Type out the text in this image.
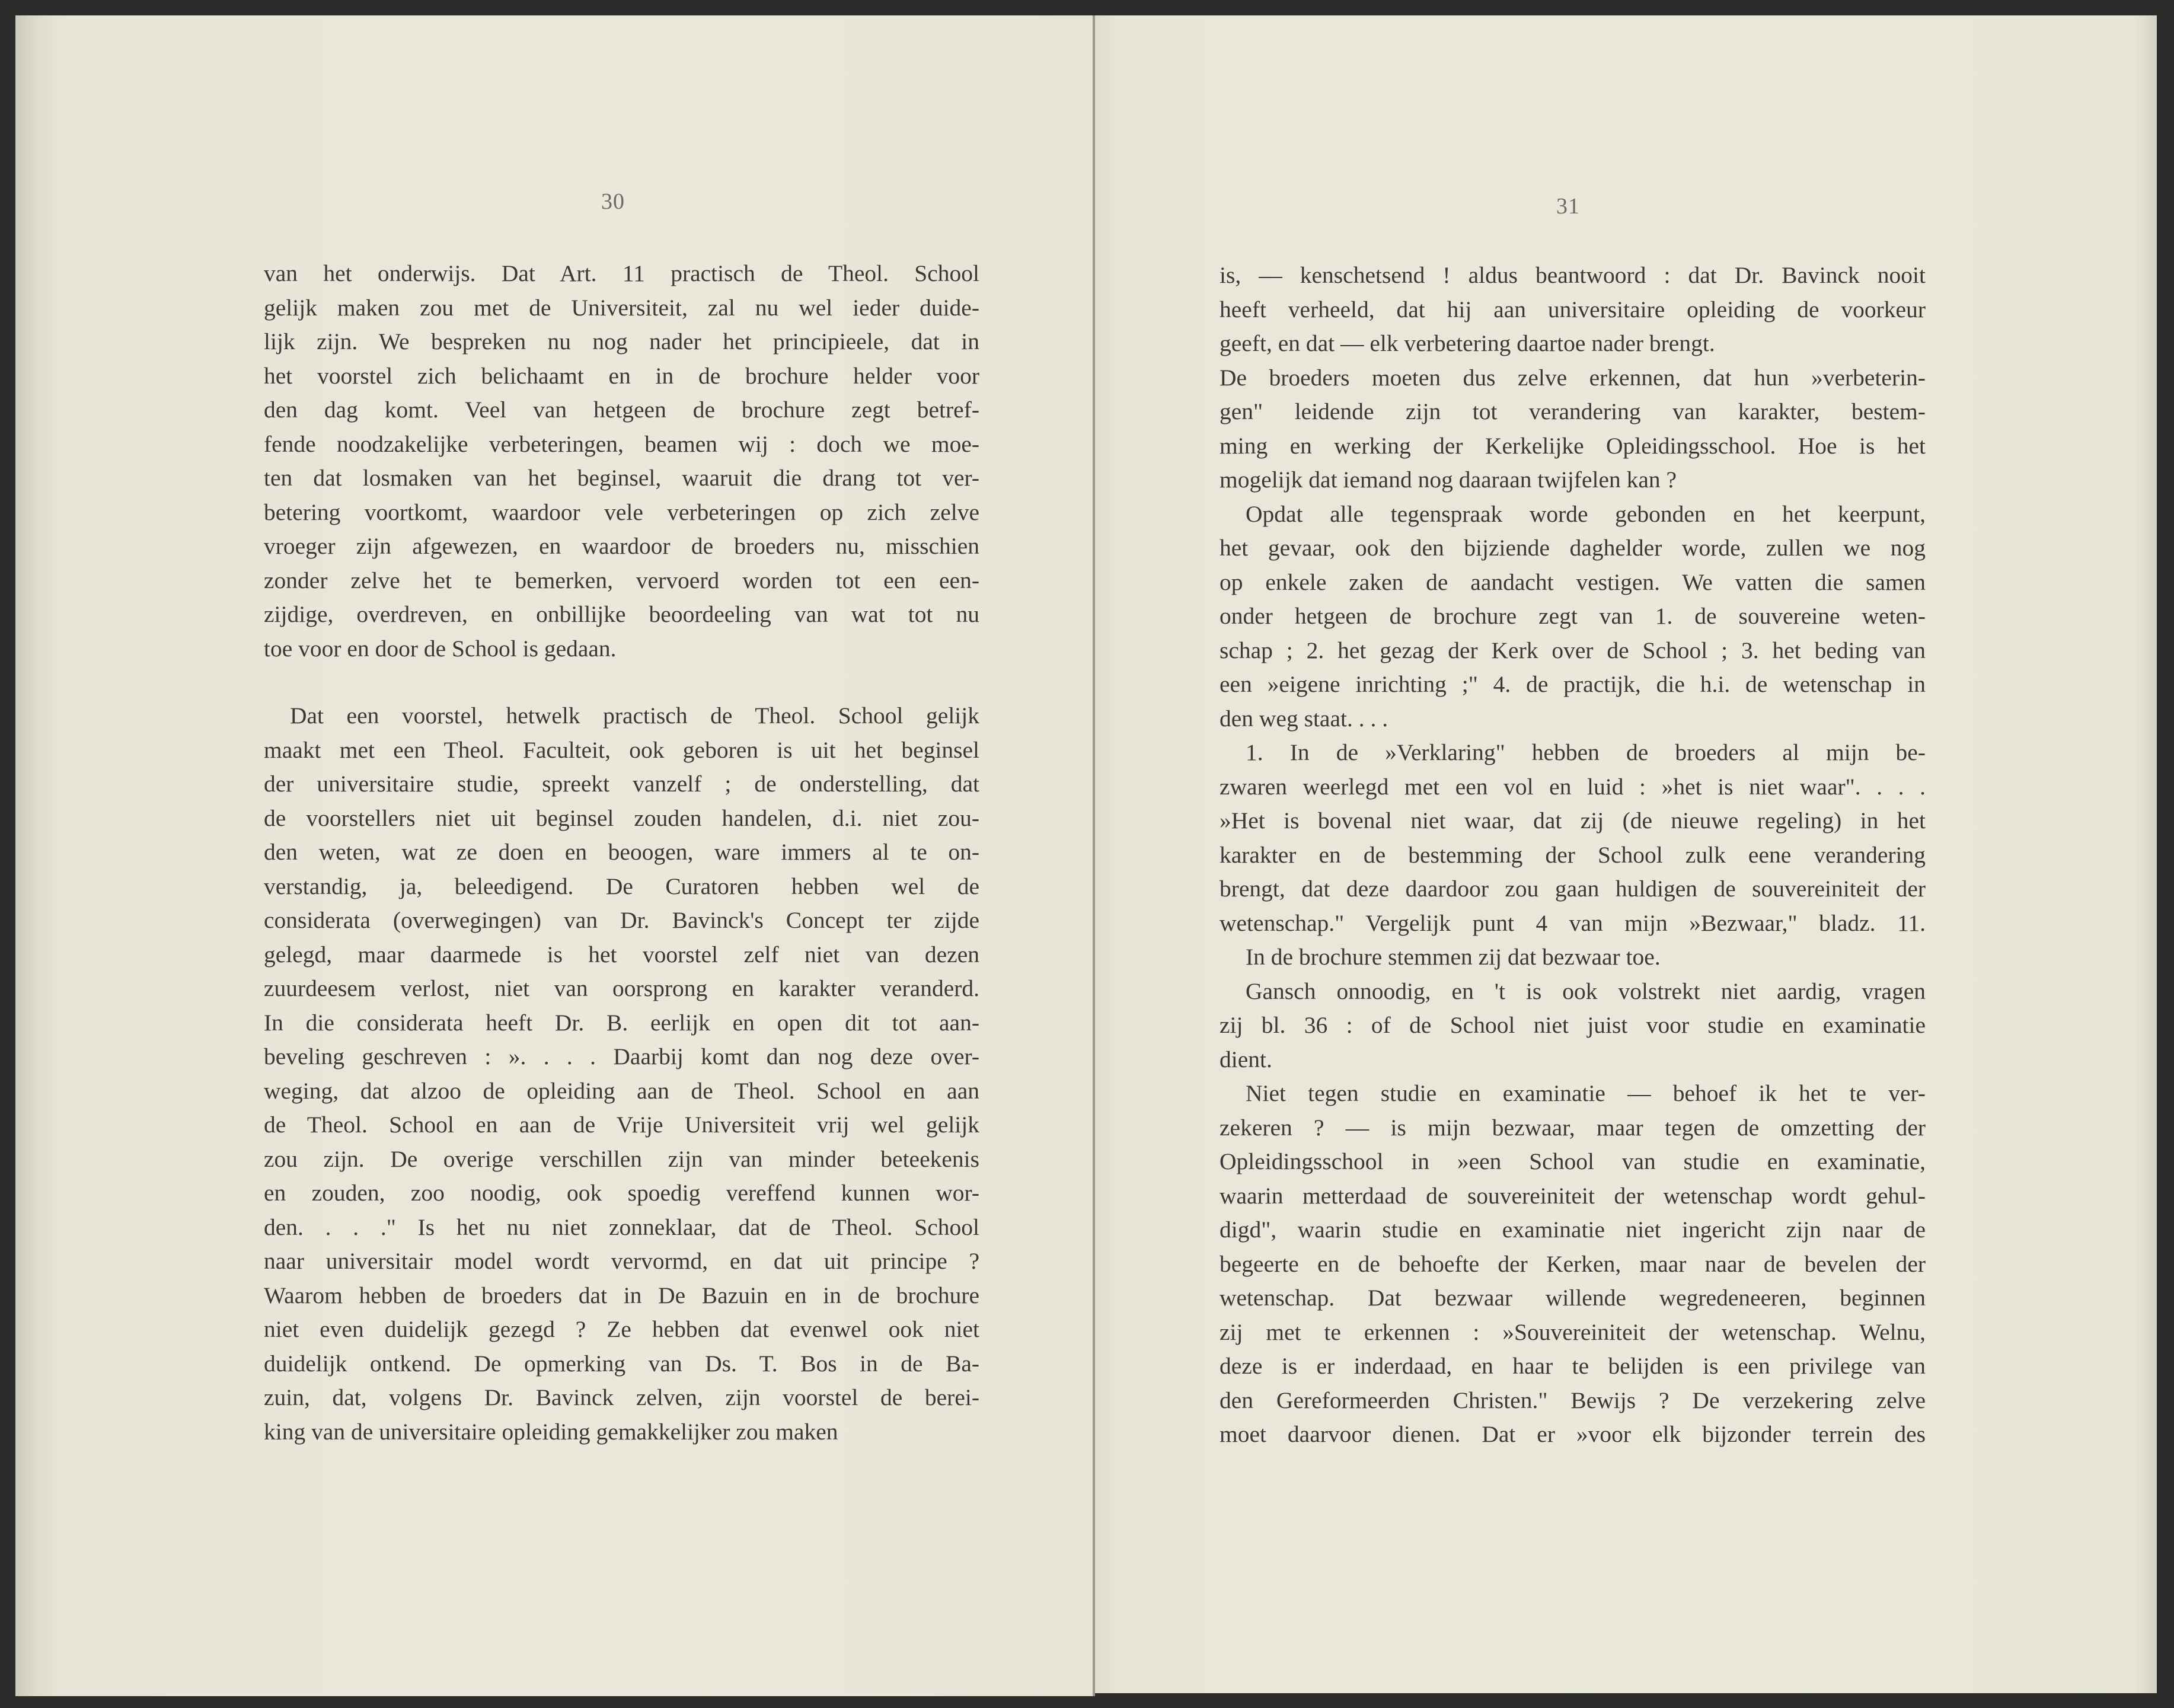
30
van het onderwijs. Dat Art. 11 practisch de Theol. School
gelijk maken zou met de Universiteit, zal nu wel ieder duide-
lijk zijn. We bespreken nu nog nader het principieele, dat in
het voorstel zich belichaamt en in de brochure helder voor
den dag komt. Veel van hetgeen de brochure zegt betref-
fende noodzakelijke verbeteringen, beamen wij : doch we moe-
ten dat losmaken van het beginsel, waaruit die drang tot ver-
betering voortkomt, waardoor vele verbeteringen op zich zelve
vroeger zijn afgewezen, en waardoor de broeders nu, misschien
zonder zelve het te bemerken, vervoerd worden tot een een-
zijdige, overdreven, en onbillijke beoordeeling van wat tot nu
toe voor en door de School is gedaan.
Dat een voorstel, hetwelk practisch de Theol. School gelijk
maakt met een Theol. Faculteit, ook geboren is uit het beginsel
der universitaire studie, spreekt vanzelf ; de onderstelling, dat
de voorstellers niet uit beginsel zouden handelen, d.i. niet zou-
den weten, wat ze doen en beoogen, ware immers al te on-
verstandig, ja, beleedigend. De Curatoren hebben wel de
considerata (overwegingen) van Dr. Bavinck's Concept ter zijde
gelegd, maar daarmede is het voorstel zelf niet van dezen
zuurdeesem verlost, niet van oorsprong en karakter veranderd.
In die considerata heeft Dr. B. eerlijk en open dit tot aan-
beveling geschreven : ». . . . Daarbij komt dan nog deze over-
weging, dat alzoo de opleiding aan de Theol. School en aan
de Theol. School en aan de Vrije Universiteit vrij wel gelijk
zou zijn. De overige verschillen zijn van minder beteekenis
en zouden, zoo noodig, ook spoedig vereffend kunnen wor-
den. . . ." Is het nu niet zonneklaar, dat de Theol. School
naar universitair model wordt vervormd, en dat uit principe ?
Waarom hebben de broeders dat in De Bazuin en in de brochure
niet even duidelijk gezegd ? Ze hebben dat evenwel ook niet
duidelijk ontkend. De opmerking van Ds. T. Bos in de Ba-
zuin, dat, volgens Dr. Bavinck zelven, zijn voorstel de berei-
king van de universitaire opleiding gemakkelijker zou maken
31
is, — kenschetsend ! aldus beantwoord : dat Dr. Bavinck nooit
heeft verheeld, dat hij aan universitaire opleiding de voorkeur
geeft, en dat — elk verbetering daartoe nader brengt.
De broeders moeten dus zelve erkennen, dat hun »verbeterin-
gen" leidende zijn tot verandering van karakter, bestem-
ming en werking der Kerkelijke Opleidingsschool. Hoe is het
mogelijk dat iemand nog daaraan twijfelen kan ?
Opdat alle tegenspraak worde gebonden en het keerpunt,
het gevaar, ook den bijziende daghelder worde, zullen we nog
op enkele zaken de aandacht vestigen. We vatten die samen
onder hetgeen de brochure zegt van 1. de souvereine weten-
schap ; 2. het gezag der Kerk over de School ; 3. het beding van
een »eigene inrichting ;" 4. de practijk, die h.i. de wetenschap in
den weg staat. . . .
1. In de »Verklaring" hebben de broeders al mijn be-
zwaren weerlegd met een vol en luid : »het is niet waar". . . .
»Het is bovenal niet waar, dat zij (de nieuwe regeling) in het
karakter en de bestemming der School zulk eene verandering
brengt, dat deze daardoor zou gaan huldigen de souvereiniteit der
wetenschap." Vergelijk punt 4 van mijn »Bezwaar," bladz. 11.
In de brochure stemmen zij dat bezwaar toe.
Gansch onnoodig, en 't is ook volstrekt niet aardig, vragen
zij bl. 36 : of de School niet juist voor studie en examinatie
dient.
Niet tegen studie en examinatie — behoef ik het te ver-
zekeren ? — is mijn bezwaar, maar tegen de omzetting der
Opleidingsschool in »een School van studie en examinatie,
waarin metterdaad de souvereiniteit der wetenschap wordt gehul-
digd", waarin studie en examinatie niet ingericht zijn naar de
begeerte en de behoefte der Kerken, maar naar de bevelen der
wetenschap. Dat bezwaar willende wegredeneeren, beginnen
zij met te erkennen : »Souvereiniteit der wetenschap. Welnu,
deze is er inderdaad, en haar te belijden is een privilege van
den Gereformeerden Christen." Bewijs ? De verzekering zelve
moet daarvoor dienen. Dat er »voor elk bijzonder terrein des
